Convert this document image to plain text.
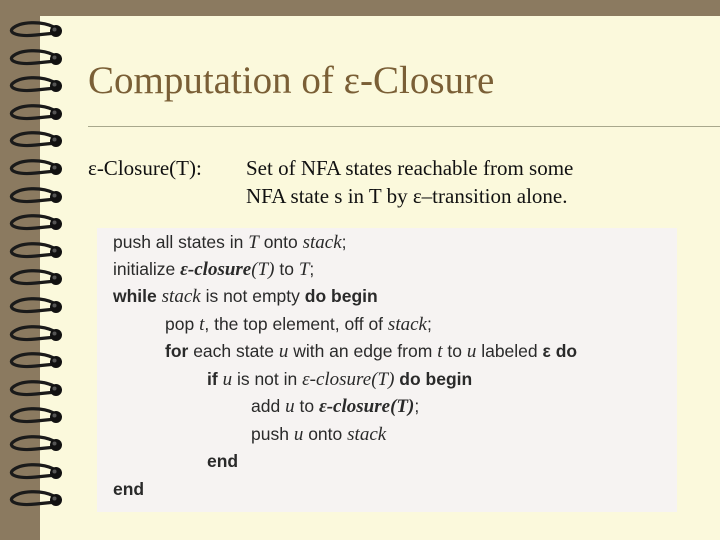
Computation of ε-Closure
ε-Closure(T): Set of NFA states reachable from some
NFA state s in T by ε–transition alone.
push all states in T onto stack;
initialize ε-closure(T) to T;
while stack is not empty do begin
pop t, the top element, off of stack;
for each state u with an edge from t to u labeled ε do
if u is not in ε-closure(T) do begin
add u to ε-closure(T);
push u onto stack
end
end
